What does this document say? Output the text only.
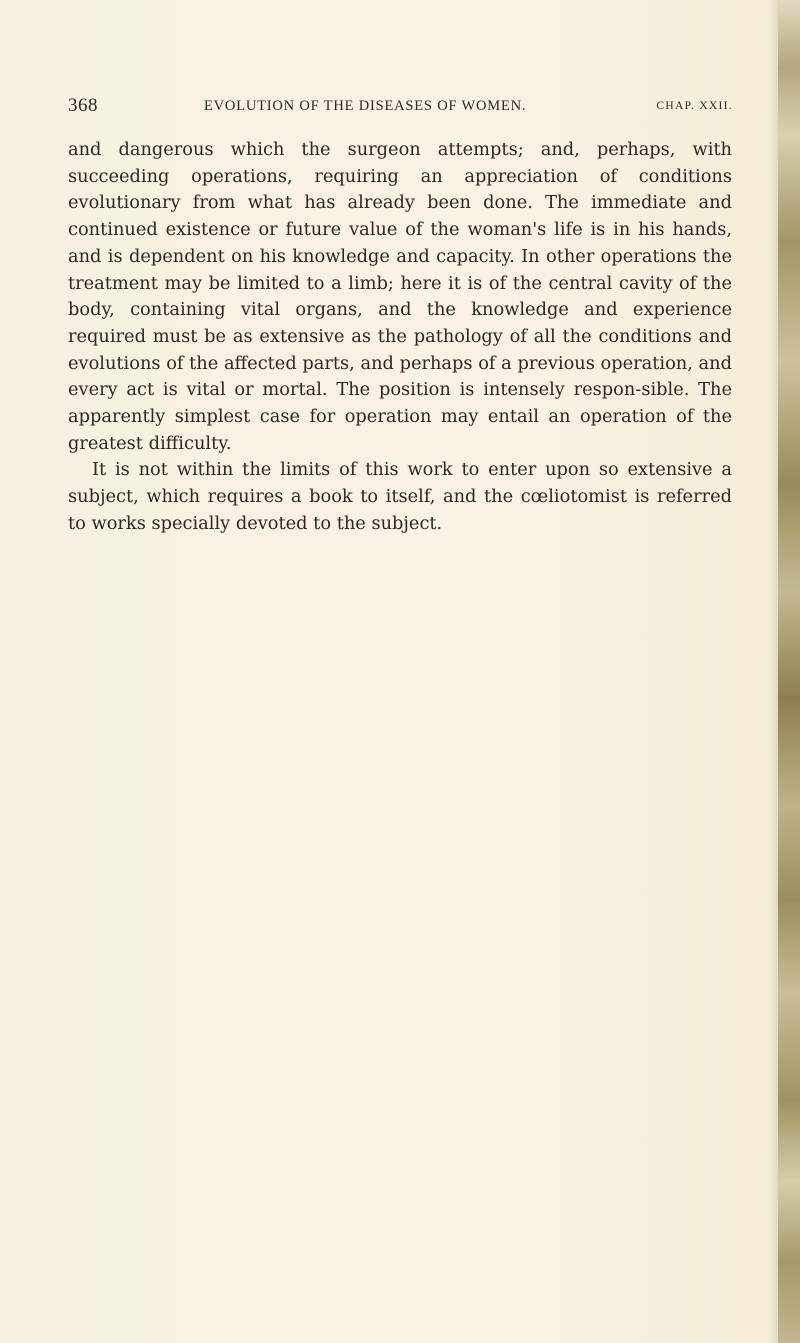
368	EVOLUTION OF THE DISEASES OF WOMEN.	CHAP. XXII.

and dangerous which the surgeon attempts; and, perhaps, with succeeding operations, requiring an appreciation of conditions evolutionary from what has already been done. The immediate and continued existence or future value of the woman's life is in his hands, and is dependent on his knowledge and capacity. In other operations the treatment may be limited to a limb; here it is of the central cavity of the body, containing vital organs, and the knowledge and experience required must be as extensive as the pathology of all the conditions and evolutions of the affected parts, and perhaps of a previous operation, and every act is vital or mortal. The position is intensely respon-sible. The apparently simplest case for operation may entail an operation of the greatest difficulty.

It is not within the limits of this work to enter upon so extensive a subject, which requires a book to itself, and the cœliotomist is referred to works specially devoted to the subject.
